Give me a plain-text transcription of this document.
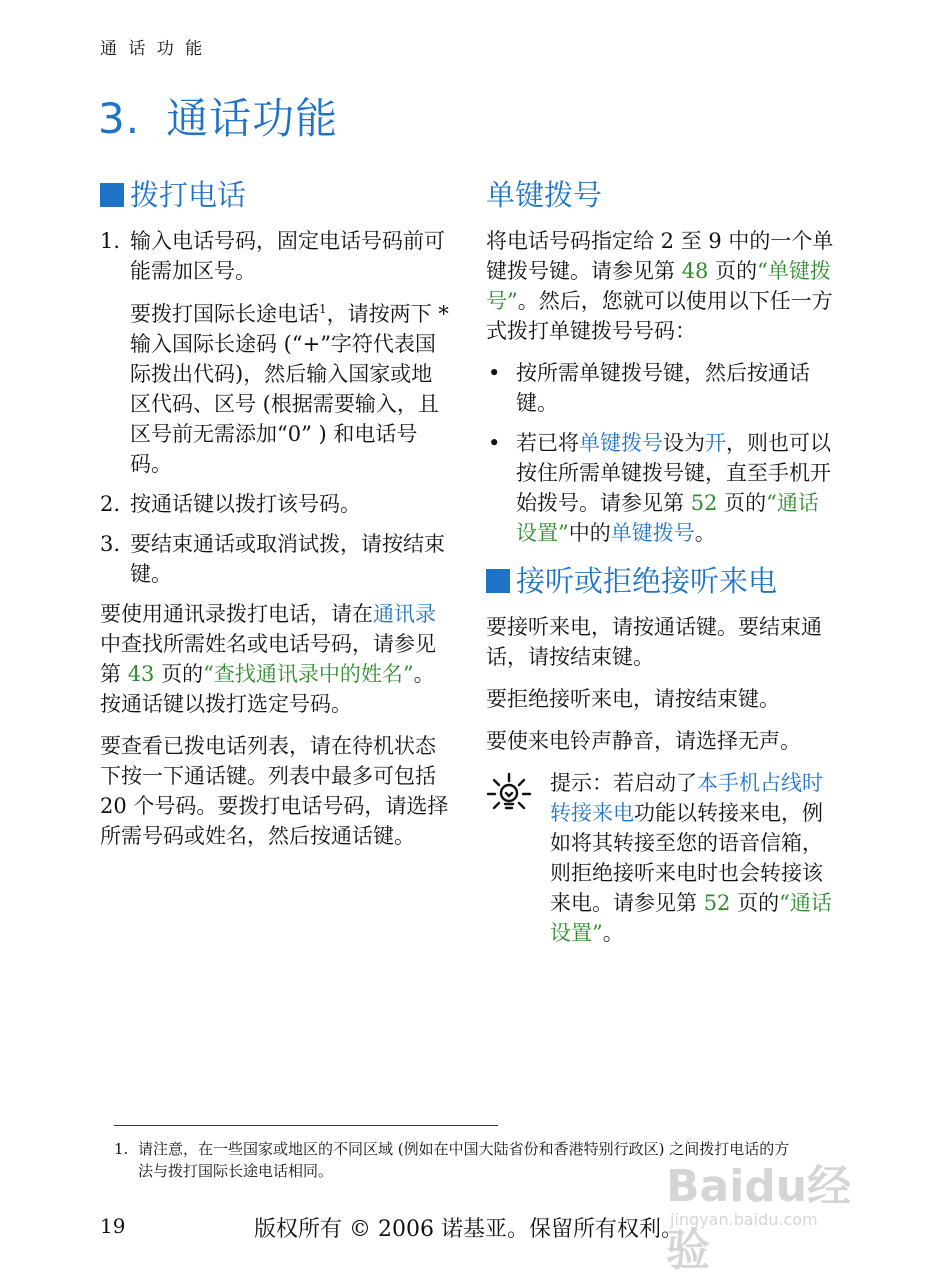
通 话 功 能
3. 通话功能
拨打电话
1. 输入电话号码，固定电话号码前可能需加区号。

要拨打国际长途电话$^1$，请按两下 * 输入国际长途码 (“+”字符代表国际拨出代码)，然后输入国家或地区代码、区号 (根据需要输入，且区号前无需添加“0” ) 和电话号码。

2. 按通话键以拨打该号码。
3. 要结束通话或取消试拨，请按结束键。

要使用通讯录拨打电话，请在通讯录中查找所需姓名或电话号码，请参见第 43 页的“查找通讯录中的姓名”。按通话键以拨打选定号码。

要查看已拨电话列表，请在待机状态下按一下通话键。列表中最多可包括 20 个号码。要拨打电话号码，请选择所需号码或姓名，然后按通话键。

单键拨号

将电话号码指定给 2 至 9 中的一个单键拨号键。请参见第 48 页的“单键拨号”。然后，您就可以使用以下任一方式拨打单键拨号号码：

• 按所需单键拨号键，然后按通话键。
• 若已将单键拨号设为开，则也可以按住所需单键拨号键，直至手机开始拨号。请参见第 52 页的“通话设置”中的单键拨号。
接听或拒绝接听来电

要接听来电，请按通话键。要结束通话，请按结束键。

要拒绝接听来电，请按结束键。

要使来电铃声静音，请选择无声。

提示：若启动了本手机占线时转接来电功能以转接来电，例如将其转接至您的语音信箱，则拒绝接听来电时也会转接该来电。请参见第 52 页的“通话设置”。

1. 请注意，在一些国家或地区的不同区域 (例如在中国大陆省份和香港特别行政区) 之间拨打电话的方法与拨打国际长途电话相同。	Baidu经验
jingyan.baidu.com
19	版权所有 © 2006 诺基亚。保留所有权利。
